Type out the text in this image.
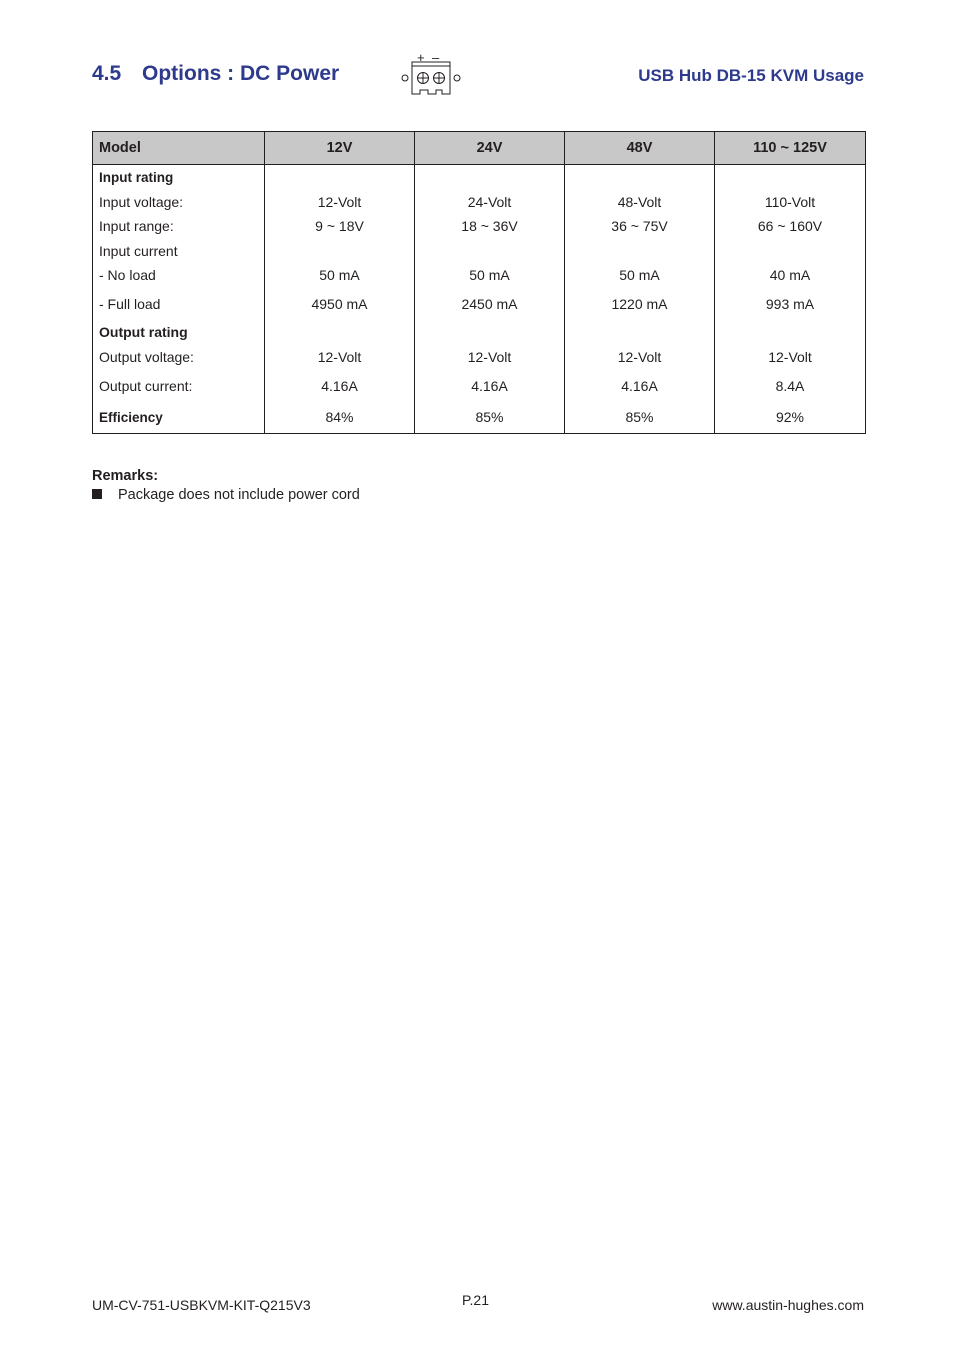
4.5 Options : DC Power
+ –
USB Hub DB-15 KVM Usage
Model	12V	24V	48V	110 ~ 125V
Input rating				
Input voltage:	12-Volt	24-Volt	48-Volt	110-Volt
Input range:	9 ~ 18V	18 ~ 36V	36 ~ 75V	66 ~ 160V
Input current				
- No load	50 mA	50 mA	50 mA	40 mA
- Full load	4950 mA	2450 mA	1220 mA	993 mA
Output rating				
Output voltage:	12-Volt	12-Volt	12-Volt	12-Volt
Output current:	4.16A	4.16A	4.16A	8.4A
Efficiency	84%	85%	85%	92%
Remarks:
Package does not include power cord
UM-CV-751-USBKVM-KIT-Q215V3	P.21	www.austin-hughes.com
